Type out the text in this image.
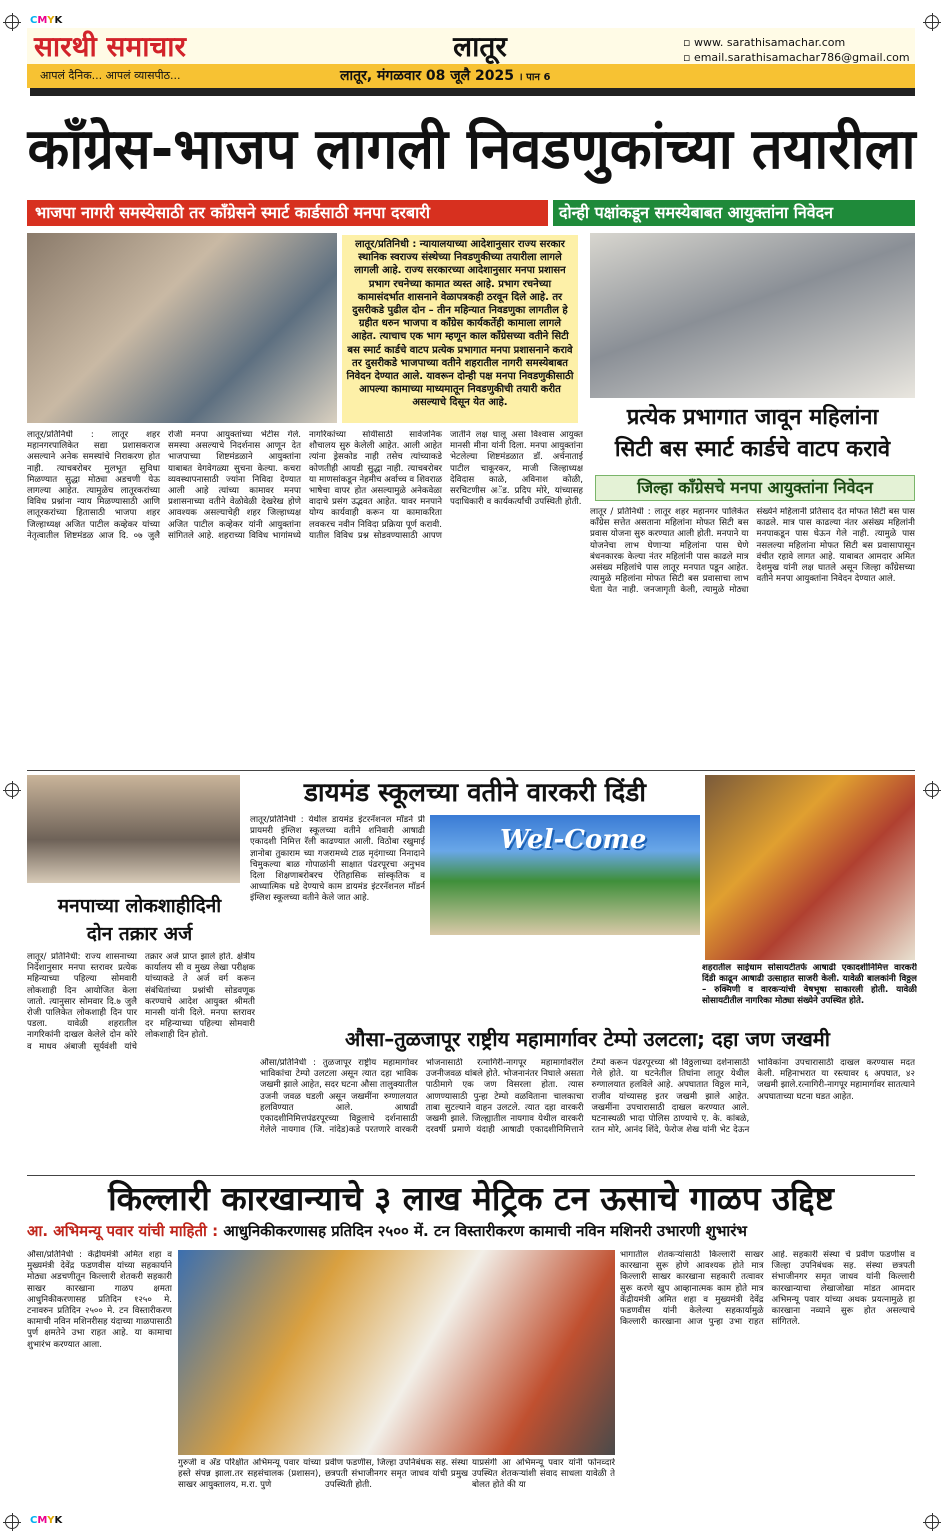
CMYK
CMYK
सारथी समाचार	लातूर	▫ www. sarathisamachar.com
▫ email.sarathisamachar786@gmail.com
आपलं दैनिक... आपलं व्यासपीठ...	लातूर, मंगळवार 08 जूलै 2025 । पान 6
काँग्रेस-भाजप लागली निवडणुकांच्या तयारीला
भाजपा नागरी समस्येसाठी तर काँग्रेसने स्मार्ट कार्डसाठी मनपा दरबारी	दोन्ही पक्षांकडून समस्येबाबत आयुक्तांना निवेदन
लातूर/प्रतिनिधी : न्यायालयाच्या आदेशानुसार राज्य सरकार स्थानिक स्वराज्य संस्थेच्या निवडणुकीच्या तयारीला लागले लागली आहे. राज्य सरकारच्या आदेशानुसार मनपा प्रशासन प्रभाग रचनेच्या कामात व्यस्त आहे. प्रभाग रचनेच्या कामासंदर्भात शासनाने वेळापत्रकही ठरवून दिले आहे. तर दुसरीकडे पुढील दोन – तीन महिन्यात निवडणुका लागतील हे ग्रहीत धरुन भाजपा व काँग्रेस कार्यकर्तेही कामाला लागले आहेत. त्याचाच एक भाग म्हणून काल काँग्रेसच्या वतीने सिटी बस स्मार्ट कार्डचे वाटप प्रत्येक प्रभागात मनपा प्रशासनाने करावे तर दुसरीकडे भाजपाच्या वतीने शहरातील नागरी समस्येबाबत निवेदन देण्यात आले. यावरून दोन्ही पक्ष मनपा निवडणुकीसाठी आपल्या कामाच्या माध्यमातून निवडणुकीची तयारी करीत असल्याचे दिसून येत आहे.
लातूर/प्रतिनिधी : लातूर शहर महानगरपालिकेत सद्या प्रशासकराज असल्याने अनेक समस्यांचे निराकरण होत नाही. त्याचबरोबर मुलभूत सुविधा मिळण्यात सुद्धा मोठ्या अडचणी येऊ लागल्या आहेत. त्यामुळेच लातूरकरांच्या विविध प्रश्नांना न्याय मिळण्यासाठी आणि लातूरकरांच्या हितासाठी भाजपा शहर जिल्हाध्यक्ष अजित पाटील कव्हेकर यांच्या नेतृत्वातील शिष्टमंडळ आज दि. ०७ जुलै रोजी मनपा आयुक्तांच्या भेटीस गेले. समस्या असल्याचे निदर्शनास आणून देत भाजपाच्या शिष्टमंडळाने आयुक्तांना याबाबत वेगवेगळ्या सुचना केल्या. कचरा व्यवस्थापनासाठी ज्यांना निविदा देण्यात आली आहे त्यांच्या कामावर मनपा प्रशासनाच्या वतीने वेळोवेळी देखरेख होणे आवश्यक असल्याचेही शहर जिल्हाध्यक्ष अजित पाटील कव्हेकर यांनी आयुक्तांना सांगितले आहे. शहराच्या विविध भागांमध्ये नागरिकांच्या सोयीसाठी सार्वजनिक शौचालय सुरु केलेली आहेत. आली आहेत त्यांना ड्रेसकोड नाही तसेच त्यांच्याकडे कोणतीही आयडी सुद्धा नाही. त्याचबरोबर या माणसांकडून नेहमीच अर्वाच्च व शिवराळ भाषेचा वापर होत असल्यामुळे अनेकवेळा वादाचे प्रसंग उद्भवत आहेत. यावर मनपाने योग्य कार्यवाही करून या कामाकरिता लवकरच नवीन निविदा प्रक्रिया पूर्ण करावी. यातील विविध प्रश्न सोडवण्यासाठी आपण जातीने लक्ष घालू असा विश्वास आयुक्त मानसी मीना यांनी दिला. मनपा आयुक्तांना भेटलेल्या शिष्टमंडळात डॉ. अर्चनाताई पाटील चाकूरकर, माजी जिल्हाध्यक्ष देविदास काळे, अविनाश कोळी, सरचिटणीस अॅड. प्रदिप मोरे, यांच्यासह पदाधिकारी व कार्यकर्त्यांची उपस्थिती होती.
प्रत्येक प्रभागात जावून महिलांना
सिटी बस स्मार्ट कार्डचे वाटप करावे
जिल्हा काँग्रेसचे मनपा आयुक्तांना निवेदन
लातूर / प्रतिनिधी : लातूर शहर महानगर पालिकेत काँग्रेस सत्तेत असताना महिलांना मोफत सिटी बस प्रवास योजना सुरु करण्यात आली होती. मनपाने या योजनेचा लाभ घेणाऱ्या महिलांना पास घेणे बंधनकारक केल्या नंतर महिलांनी पास काढले मात्र असंख्य महिलांचे पास लातूर मनपात पडून आहेत. त्यामुळे महिलांना मोफत सिटी बस प्रवासाचा लाभ घेता येत नाही. जनजागृती केली, त्यामुळे मोठ्या संख्येने महिलानी प्रतिसाद देत मोफत सिटी बस पास काढले. मात्र पास काढल्या नंतर असंख्य महिलांनी मनपाकडून पास घेऊन गेले नाही. त्यामुळे पास नसलल्या महिलांना मोफत सिटी बस प्रवासापासून वंचीत रहावे लागत आहे. याबाबत आमदार अमित देशमुख यांनी लक्ष घातले असून जिल्हा काँग्रेसच्या वतीने मनपा आयुक्तांना निवेदन देण्यात आले.
मनपाच्या लोकशाहीदिनी
दोन तक्रार अर्ज
लातूर/ प्रतिनिधी: राज्य शासनाच्या निर्देशानुसार मनपा स्तरावर प्रत्येक महिन्याच्या पहिल्या सोमवारी लोकशाही दिन आयोजित केला जातो. त्यानुसार सोमवार दि.७ जुलै रोजी पालिकेत लोकशाही दिन पार पडला. यावेळी शहरातील नागरिकांनी दाखल केलेले दोन कोरे व माधव अंबाजी सूर्यवंशी यांचे तक्रार अर्ज प्राप्त झाले होते. क्षेत्रीय कार्यालय सी व मुख्य लेखा परीक्षक यांच्याकडे ते अर्ज वर्ग करून संबंधितांच्या प्रश्नांची सोडवणूक करण्याचे आदेश आयुक्त श्रीमती मानसी यांनी दिले. मनपा स्तरावर दर महिन्याच्या पहिल्या सोमवारी लोकशाही दिन होतो.
डायमंड स्कूलच्या वतीने वारकरी दिंडी
Wel-Come
लातूर/प्रतिनिधी : येथील डायमंड इंटरनॅशनल मॉडर्न प्री प्रायमरी इंग्लिश स्कूलच्या वतीने शनिवारी आषाढी एकादशी निमित्त रॅली काढण्यात आली. विठोबा रखुमाई ज्ञानोबा तुकाराम च्या गजरामध्ये टाळ मृदंगाच्या निनादाने चिमुकल्या बाळ गोपाळांनी साक्षात पंढरपूरचा अनुभव दिला शिक्षणाबरोबरच ऐतिहासिक सांस्कृतिक व आध्यात्मिक धडे देण्याचे काम डायमंड इंटरनॅशनल मॉडर्न इंग्लिश स्कूलच्या वतीने केले जात आहे.
शहरातील साईधाम सोसायटीतर्फे आषाढी एकादशीनिमित्त वारकरी दिंडी काढून आषाढी उत्साहात साजरी केली. यावेळी बालकांनी विठ्ठल – रुक्मिणी व वारकऱ्यांची वेषभूषा साकारली होती. यावेळी सोसायटीतील नागरिका मोठ्या संख्येने उपस्थित होते.
औसा–तुळजापूर राष्ट्रीय महामार्गावर टेम्पो उलटला; दहा जण जखमी
औसा/प्रतिनिधी : तुळजापूर राष्ट्रीय महामार्गावर भाविकांचा टेम्पो उलटला असून त्यात दहा भाविक जखमी झाले आहेत, सदर घटना औसा तालुक्यातील उजनी जवळ घडली असून जखमींना रुग्णालयात हलविण्यात आले. आषाढी एकादशीनिमित्तपंढरपूरच्या विठ्ठलाचे दर्शनासाठी गेलेले नायगाव (जि. नांदेड)कडे परतणारे वारकरी भोजनासाठी रत्नागिरी-नागपूर महामार्गावरील उजनीजवळ थांबले होते. भोजनानंतर निघाले असता पाठीमागे एक जण विसरला होता. त्यास आणण्यासाठी पुन्हा टेम्पो वळविताना चालकाचा ताबा सुटल्याने वाहन उलटले. त्यात दहा वारकरी जखमी झाले. जिल्ह्यातील नायगाव येथील वारकरी दरवर्षी प्रमाणे यंदाही आषाढी एकादशीनिमित्ताने टेम्पो करून पंढरपूरच्या श्री विठ्ठलाच्या दर्शनासाठी गेले होते. या घटनेतील तिघांना लातूर येथील रुग्णालयात हलविले आहे. अपघातात विठ्ठल माने, राजीव यांच्यासह इतर जखमी झाले आहेत. जखमींना उपचारासाठी दाखल करण्यात आले. घटनास्थळी भादा पोलिस ठाण्याचे ए. के. कांबळे, रतन मोरे, आनंद शिंदे, फेरोज शेख यांनी भेट देऊन भाविकांना उपचारासाठी दाखल करण्यास मदत केली. महिनाभरात या रस्त्यावर ६ अपघात, ४२ जखमी झाले.रत्नागिरी-नागपूर महामार्गावर सातत्याने अपघाताच्या घटना घडत आहेत.
किल्लारी कारखान्याचे ३ लाख मेट्रिक टन ऊसाचे गाळप उद्दिष्ट
आ. अभिमन्यू पवार यांची माहिती : आधुनिकीकरणासह प्रतिदिन २५०० में. टन विस्तारीकरण कामाची नविन मशिनरी उभारणी शुभारंभ
औसा/प्रतिनिधी : केंद्रीयमंत्री अमित शहा व मुख्यमंत्री देवेंद्र फडणवीस यांच्या सहकार्याने मोठ्या अडचणीतून किल्लारी शेतकरी सहकारी साखर कारखाना गाळप क्षमता आधुनिकीकरणासह प्रतिदिन १२५० मे. टनावरुन प्रतिदिन २५०० मे. टन विस्तारीकरण कामाची नविन मशिनरीसह यंदाच्या गाळपासाठी पुर्ण क्षमतेने उभा राहत आहे. या कामाचा शुभारंभ करण्यात आला.
गुरुजी व अँड परिक्षीत अभिमन्यू पवार यांच्या हस्ते संपन्न झाला.तर सहसंचालक (प्रशासन), साखर आयुक्तालय, म.रा. पुणे
प्रवीण फडणीस, जिल्हा उपनिबंधक सह. संस्था छत्रपती संभाजीनगर समृत जाधव यांची प्रमुख उपस्थिती होती.
याप्रसंगी आ अभिमन्यू पवार यांनी फोनव्दारे उपस्थित शेतकऱ्यांशी संवाद साधला यावेळी ते बोलत होते की या
भागातील शेतकऱ्यांसाठी किल्लारी साखर कारखाना सुरू होणे आवश्यक होते मात्र किल्लारी साखर कारखाना सहकारी तत्वावर सुरू करणे खुप आव्हानात्मक काम होते मात्र केंद्रीयमंत्री अमित शहा व मुख्यमंत्री देवेंद्र फडणवीस यांनी केलेल्या सहकार्यामुळे किल्लारी कारखाना आज पुन्हा उभा राहत आहे. सहकारी संस्था चे प्रवीण फडणीस व जिल्हा उपनिबंधक सह. संस्था छत्रपती संभाजीनगर समृत जाधव यांनी किल्लारी कारखान्याचा लेखाजोखा मांडत आमदार अभिमन्यू पवार यांच्या अथक प्रयत्नामुळे हा कारखाना नव्याने सुरू होत असल्याचे सांगितले.
